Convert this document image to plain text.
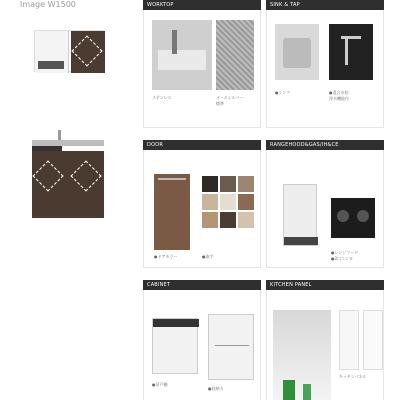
Image W1500	WORKTOP
ステンレス	オールシルバー
標準
SINK & TAP
●シンク	●混合水栓
浄水機能付
DOOR
●ドアカラー	●取手
RANGEHOOD&GAS/IH&CE
●レンジフード
●2口コンロ
CABINET
●吊戸棚
●収納力
KITCHEN PANEL
キッチンパネル
